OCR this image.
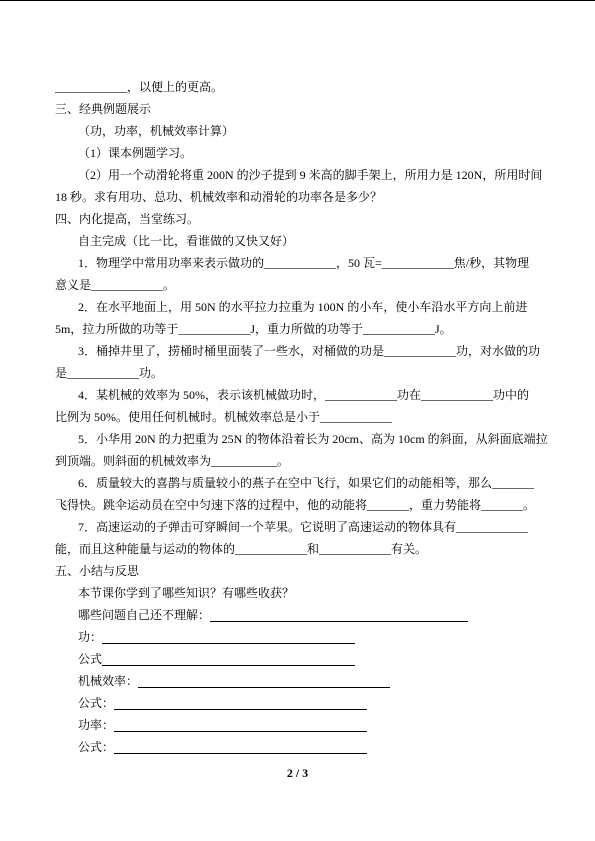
____________，以便上的更高。
三、经典例题展示
（功，功率，机械效率计算）
（1）课本例题学习。
（2）用一个动滑轮将重 200N 的沙子提到 9 米高的脚手架上，所用力是 120N，所用时间
18 秒。求有用功、总功、机械效率和动滑轮的功率各是多少？
四、内化提高，当堂练习。
自主完成（比一比，看谁做的又快又好）
1．物理学中常用功率来表示做功的____________，50 瓦=____________焦/秒，其物理
意义是____________。
2．在水平地面上，用 50N 的水平拉力拉重为 100N 的小车，使小车沿水平方向上前进
5m，拉力所做的功等于____________J，重力所做的功等于____________J。
3．桶掉井里了，捞桶时桶里面装了一些水，对桶做的功是____________功，对水做的功
是____________功。
4．某机械的效率为 50%，表示该机械做功时，____________功在____________功中的
比例为 50%。使用任何机械时。机械效率总是小于____________
5．小华用 20N 的力把重为 25N 的物体沿着长为 20cm、高为 10cm 的斜面，从斜面底端拉
到顶端。则斜面的机械效率为___________。
6．质量较大的喜鹊与质量较小的燕子在空中飞行，如果它们的动能相等，那么_______
飞得快。跳伞运动员在空中匀速下落的过程中，他的动能将_______，重力势能将_______。
7．高速运动的子弹击可穿瞬间一个苹果。它说明了高速运动的物体具有____________
能，而且这种能量与运动的物体的____________和____________有关。
五、小结与反思
本节课你学到了哪些知识？有哪些收获？
哪些问题自己还不理解：
功：
公式
机械效率：
公式：
功率：
公式：
2 / 3
